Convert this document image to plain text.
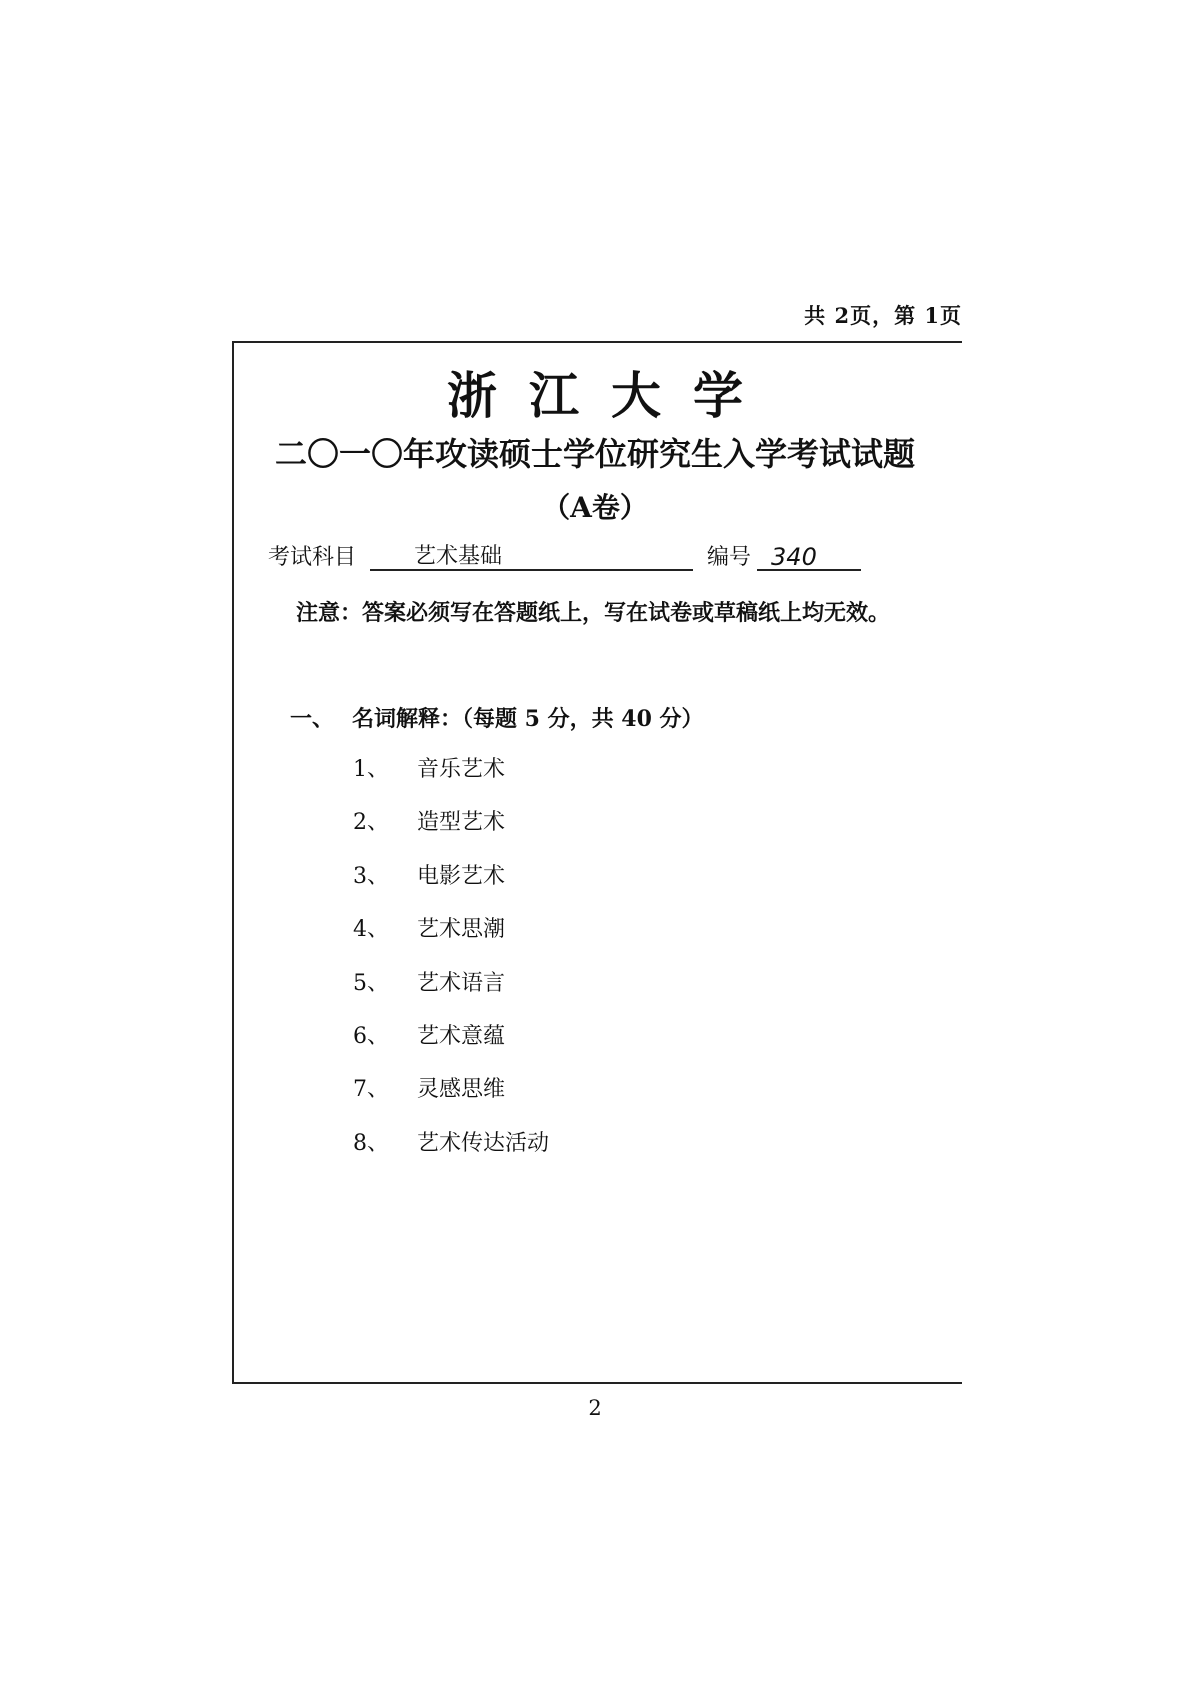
共 2页，第 1页
浙江大学
二〇一〇年攻读硕士学位研究生入学考试试题
（A卷）
考试科目	艺术基础	编号 340
注意：答案必须写在答题纸上，写在试卷或草稿纸上均无效。
一、 名词解释：（每题 5 分，共 40 分）
1、	音乐艺术
2、	造型艺术
3、	电影艺术
4、	艺术思潮
5、	艺术语言
6、	艺术意蕴
7、	灵感思维
8、	艺术传达活动
2
